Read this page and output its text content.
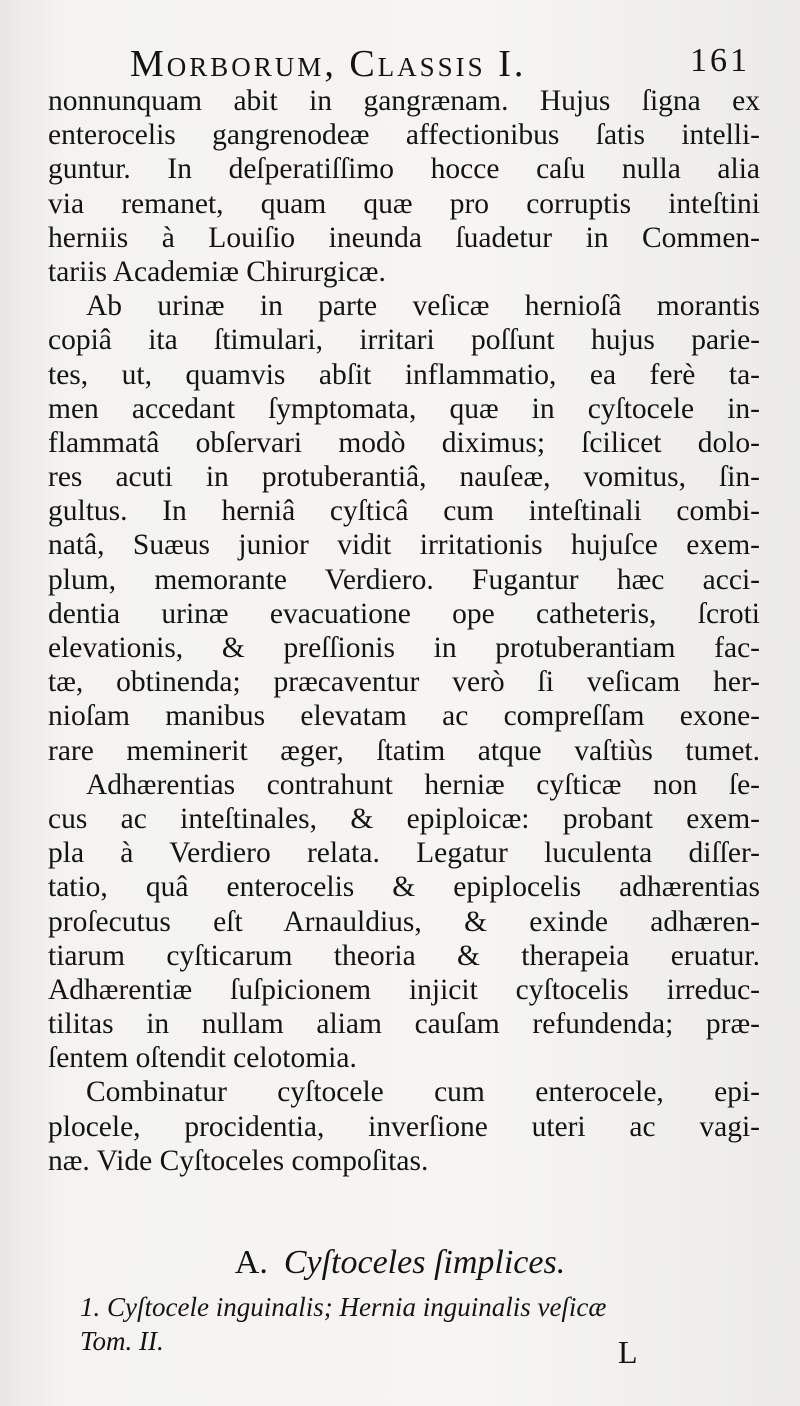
Morborum, Classis I.	161
nonnunquam abit in gangrænam. Hujus ſigna ex
enterocelis gangrenodeæ affectionibus ſatis intelli-
guntur. In deſperatiſſimo hocce caſu nulla alia
via remanet, quam quæ pro corruptis inteſtini
herniis à Louiſio ineunda ſuadetur in Commen-
tariis Academiæ Chirurgicæ.
Ab urinæ in parte veſicæ hernioſâ morantis
copiâ ita ſtimulari, irritari poſſunt hujus parie-
tes, ut, quamvis abſit inflammatio, ea ferè ta-
men accedant ſymptomata, quæ in cyſtocele in-
flammatâ obſervari modò diximus; ſcilicet dolo-
res acuti in protuberantiâ, nauſeæ, vomitus, ſin-
gultus. In herniâ cyſticâ cum inteſtinali combi-
natâ, Suæus junior vidit irritationis hujuſce exem-
plum, memorante Verdiero. Fugantur hæc acci-
dentia urinæ evacuatione ope catheteris, ſcroti
elevationis, & preſſionis in protuberantiam fac-
tæ, obtinenda; præcaventur verò ſi veſicam her-
nioſam manibus elevatam ac compreſſam exone-
rare meminerit æger, ſtatim atque vaſtiùs tumet.
Adhærentias contrahunt herniæ cyſticæ non ſe-
cus ac inteſtinales, & epiploicæ: probant exem-
pla à Verdiero relata. Legatur luculenta diſſer-
tatio, quâ enterocelis & epiplocelis adhærentias
proſecutus eſt Arnauldius, & exinde adhæren-
tiarum cyſticarum theoria & therapeia eruatur.
Adhærentiæ ſuſpicionem injicit cyſtocelis irreduc-
tilitas in nullam aliam cauſam refundenda; præ-
ſentem oſtendit celotomia.
Combinatur cyſtocele cum enterocele, epi-
plocele, procidentia, inverſione uteri ac vagi-
næ. Vide Cyſtoceles compoſitas.
A. Cyſtoceles ſimplices.
1. Cyſtocele inguinalis; Hernia inguinalis veſicæ
Tom. II.	L
